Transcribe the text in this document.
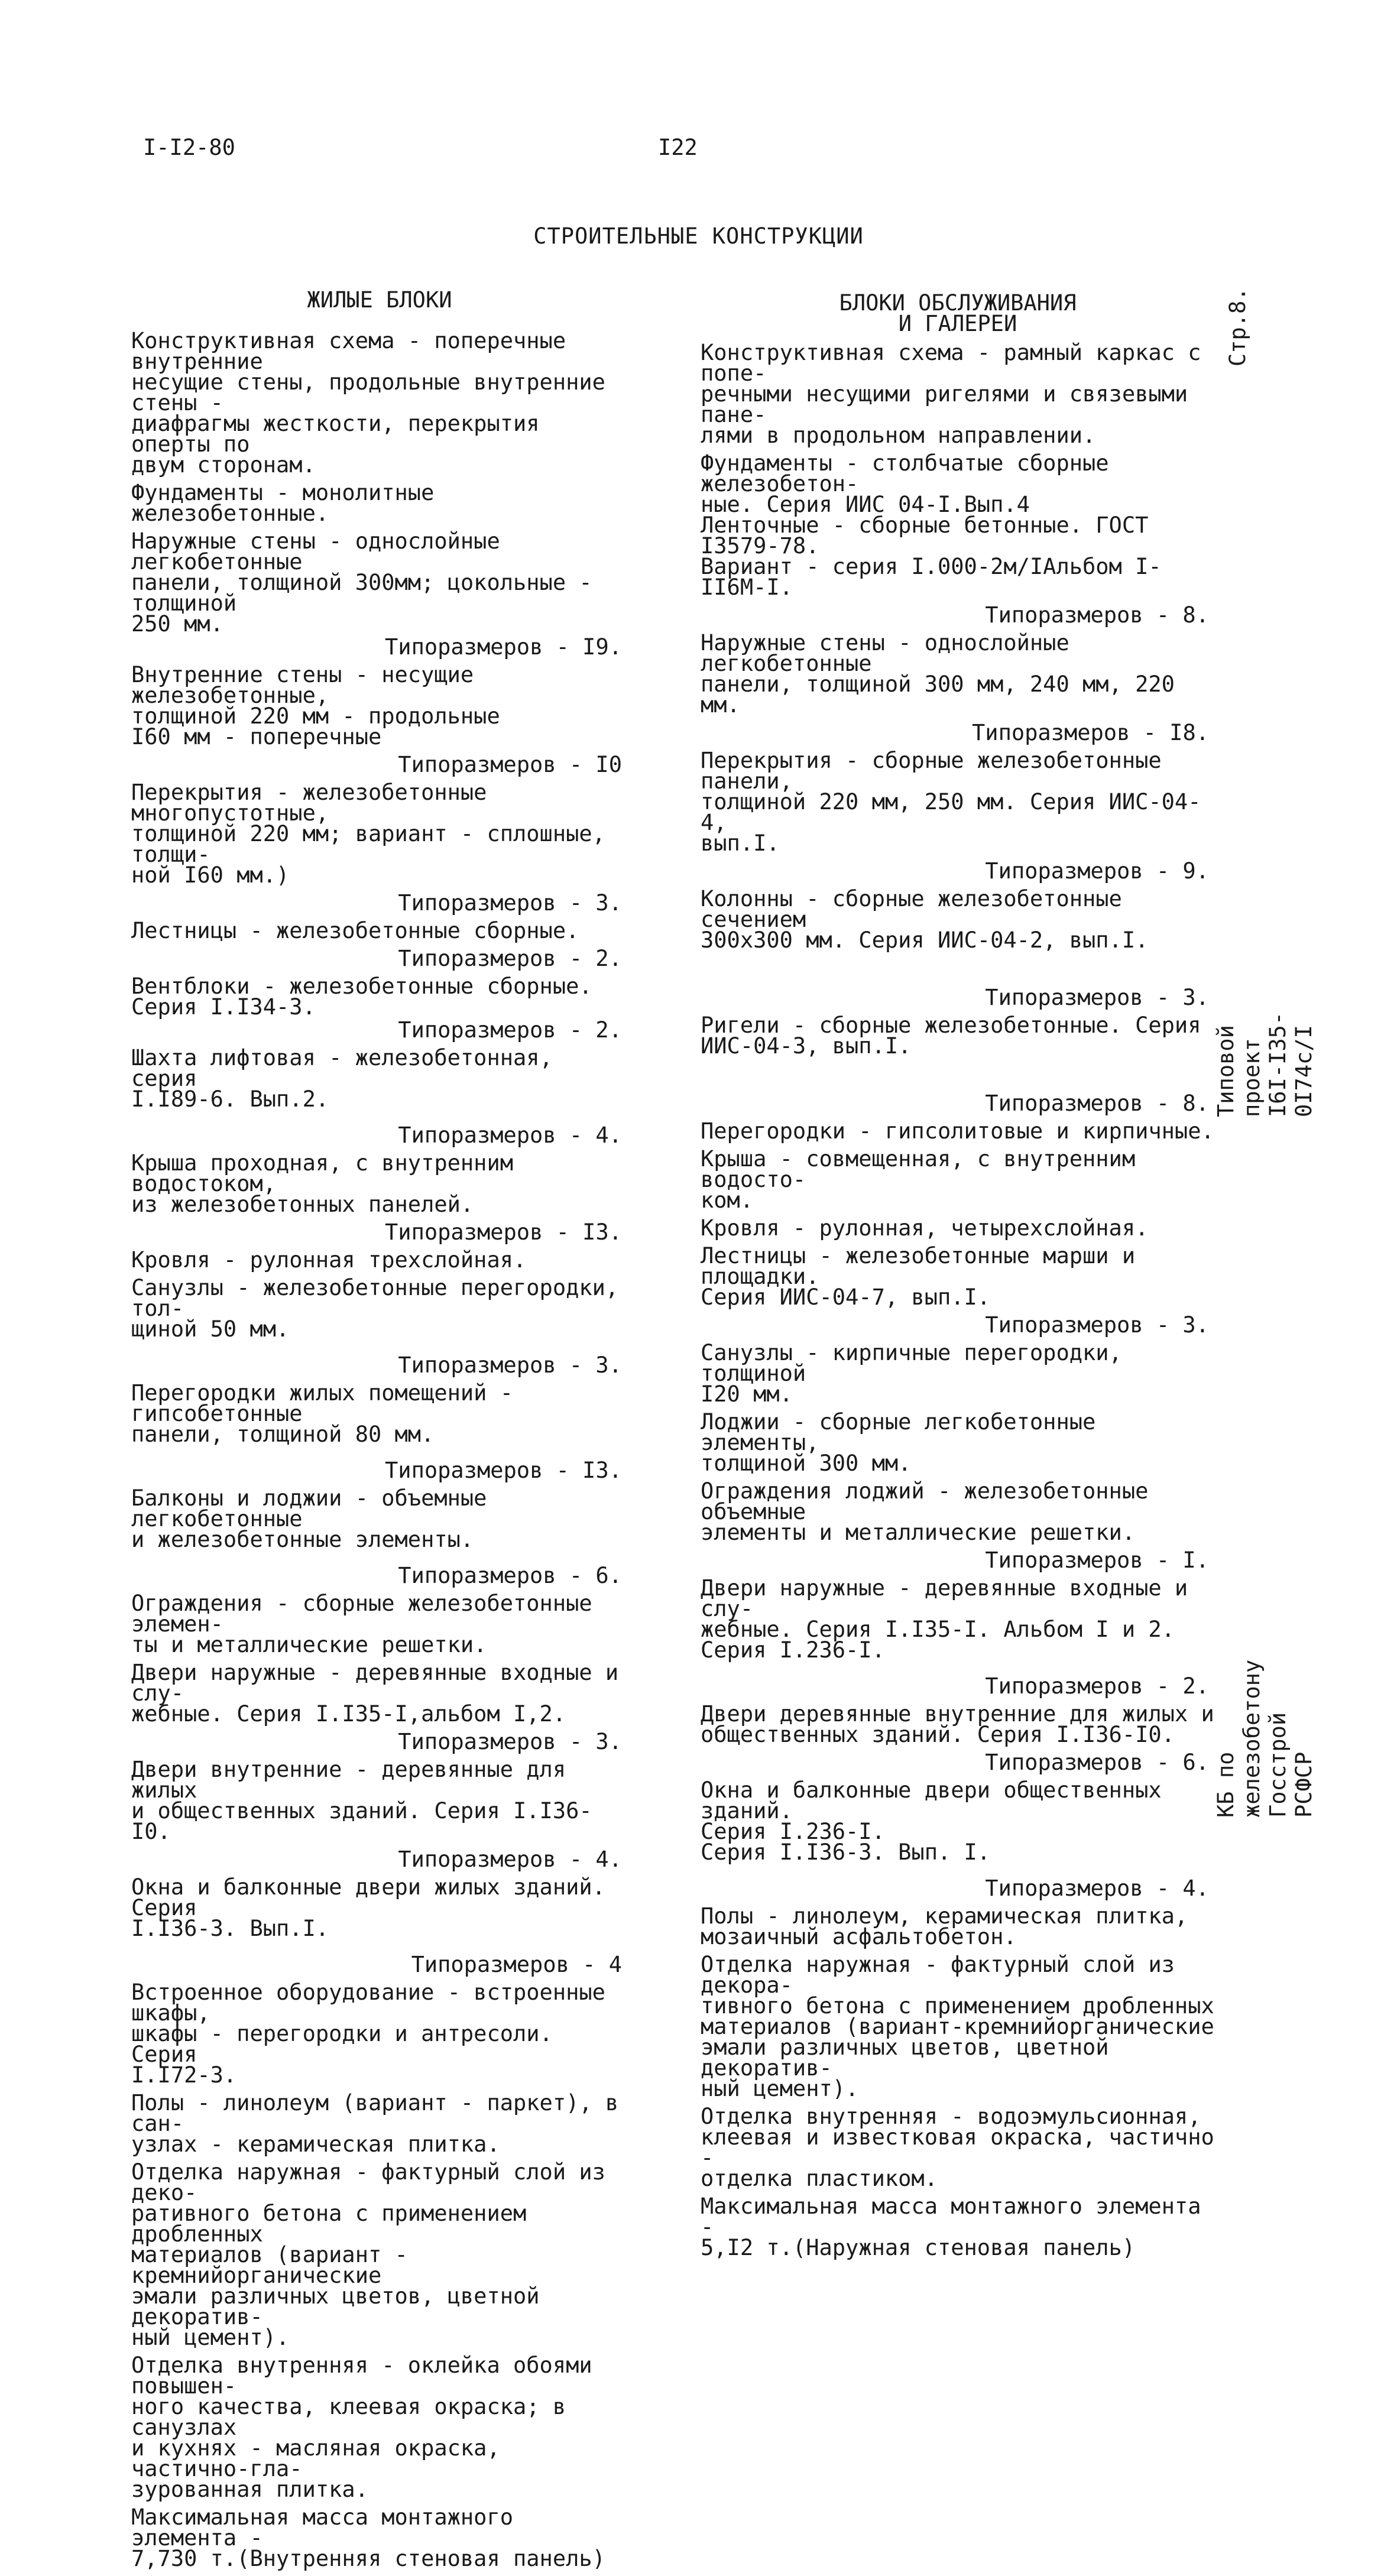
I-I2-80	I22
СТРОИТЕЛЬНЫЕ КОНСТРУКЦИИ
ЖИЛЫЕ БЛОКИ
Конструктивная схема - поперечные внутренние
несущие стены, продольные внутренние стены -
диафрагмы жесткости, перекрытия оперты по
двум сторонам.
Фундаменты - монолитные железобетонные.
Наружные стены - однослойные легкобетонные
панели, толщиной 300мм; цокольные - толщиной
250 мм.
Типоразмеров - I9.
Внутренние стены - несущие железобетонные,
толщиной 220 мм - продольные
I60 мм - поперечные
Типоразмеров - I0
Перекрытия - железобетонные многопустотные,
толщиной 220 мм; вариант - сплошные, толщи-
ной I60 мм.)
Типоразмеров - 3.
Лестницы - железобетонные сборные.
Типоразмеров - 2.
Вентблоки - железобетонные сборные.
Серия I.I34-3.
Типоразмеров - 2.
Шахта лифтовая - железобетонная, серия
I.I89-6. Вып.2.
Типоразмеров - 4.
Крыша проходная, с внутренним водостоком,
из железобетонных панелей.
Типоразмеров - I3.
Кровля - рулонная трехслойная.
Санузлы - железобетонные перегородки, тол-
щиной 50 мм.
Типоразмеров - 3.
Перегородки жилых помещений - гипсобетонные
панели, толщиной 80 мм.
Типоразмеров - I3.
Балконы и лоджии - объемные легкобетонные
и железобетонные элементы.
Типоразмеров - 6.
Ограждения - сборные железобетонные элемен-
ты и металлические решетки.
Двери наружные - деревянные входные и слу-
жебные. Серия I.I35-I,альбом I,2.
Типоразмеров - 3.
Двери внутренние - деревянные для жилых
и общественных зданий. Серия I.I36-I0.
Типоразмеров - 4.
Окна и балконные двери жилых зданий. Серия
I.I36-3. Вып.I.
Типоразмеров - 4
Встроенное оборудование - встроенные шкафы,
шкафы - перегородки и антресоли. Серия
I.I72-3.
Полы - линолеум (вариант - паркет), в сан-
узлах - керамическая плитка.
Отделка наружная - фактурный слой из деко-
ративного бетона с применением дробленных
материалов (вариант - кремнийорганические
эмали различных цветов, цветной декоратив-
ный цемент).
Отделка внутренняя - оклейка обоями повышен-
ного качества, клеевая окраска; в санузлах
и кухнях - масляная окраска, частично-гла-
зурованная плитка.
Максимальная масса монтажного элемента -
7,730 т.(Внутренняя стеновая панель)
БЛОКИ ОБСЛУЖИВАНИЯ
И ГАЛЕРЕИ
Конструктивная схема - рамный каркас с попе-
речными несущими ригелями и связевыми пане-
лями в продольном направлении.
Фундаменты - столбчатые сборные железобетон-
ные. Серия ИИС 04-I.Вып.4
Ленточные - сборные бетонные. ГОСТ I3579-78.
Вариант - серия I.000-2м/IАльбом I-II6М-I.
Типоразмеров - 8.
Наружные стены - однослойные легкобетонные
панели, толщиной 300 мм, 240 мм, 220 мм.
Типоразмеров - I8.
Перекрытия - сборные железобетонные панели,
толщиной 220 мм, 250 мм. Серия ИИС-04-4,
вып.I.
Типоразмеров - 9.
Колонны - сборные железобетонные сечением
300х300 мм. Серия ИИС-04-2, вып.I.
Типоразмеров - 3.
Ригели - сборные железобетонные. Серия
ИИС-04-3, вып.I.
Типоразмеров - 8.
Перегородки - гипсолитовые и кирпичные.
Крыша - совмещенная, с внутренним водосто-
ком.
Кровля - рулонная, четырехслойная.
Лестницы - железобетонные марши и площадки.
Серия ИИС-04-7, вып.I.
Типоразмеров - 3.
Санузлы - кирпичные перегородки, толщиной
I20 мм.
Лоджии - сборные легкобетонные элементы,
толщиной 300 мм.
Ограждения лоджий - железобетонные объемные
элементы и металлические решетки.
Типоразмеров - I.
Двери наружные - деревянные входные и слу-
жебные. Серия I.I35-I. Альбом I и 2.
Серия I.236-I.
Типоразмеров - 2.
Двери деревянные внутренние для жилых и
общественных зданий. Серия I.I36-I0.
Типоразмеров - 6.
Окна и балконные двери общественных зданий.
Серия I.236-I.
Серия I.I36-3. Вып. I.
Типоразмеров - 4.
Полы - линолеум, керамическая плитка,
мозаичный асфальтобетон.
Отделка наружная - фактурный слой из декора-
тивного бетона с применением дробленных
материалов (вариант-кремнийорганические
эмали различных цветов, цветной декоратив-
ный цемент).
Отделка внутренняя - водоэмульсионная,
клеевая и известковая окраска, частично -
отделка пластиком.
Максимальная масса монтажного элемента -
5,I2 т.(Наружная стеновая панель)
Стр.8.
Типовой проект
I6I-I35-0I74с/I
КБ по железобетону
Госстрой РСФСР
